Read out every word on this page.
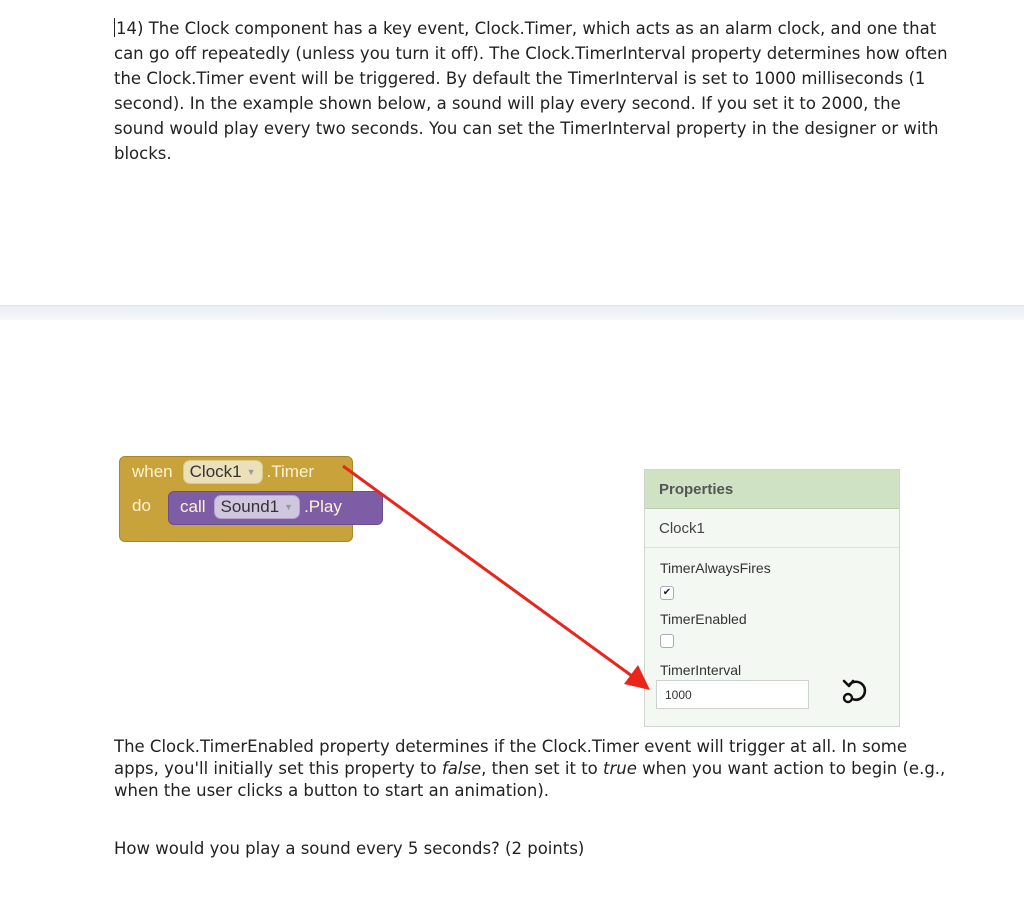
14) The Clock component has a key event, Clock.Timer, which acts as an alarm clock, and one that can go off repeatedly (unless you turn it off). The Clock.TimerInterval property determines how often the Clock.Timer event will be triggered. By default the TimerInterval is set to 1000 milliseconds (1 second). In the example shown below, a sound will play every second. If you set it to 2000, the sound would play every two seconds. You can set the TimerInterval property in the designer or with blocks.
when Clock1 ▼ .Timer
do call Sound1 ▼ .Play
Properties
Clock1
TimerAlwaysFires
✔
TimerEnabled
TimerInterval
1000
The Clock.TimerEnabled property determines if the Clock.Timer event will trigger at all. In some apps, you'll initially set this property to false, then set it to true when you want action to begin (e.g., when the user clicks a button to start an animation).
How would you play a sound every 5 seconds? (2 points)
